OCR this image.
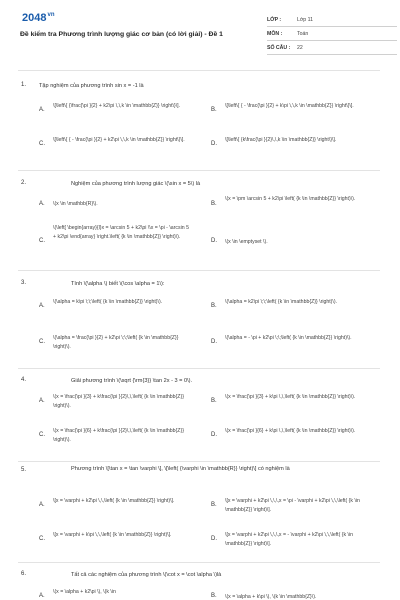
$2048^{vn}$
Đề kiểm tra Phương trình lượng giác cơ bản (có lời giải) - Đề 1
LỚP :	Lớp 11
MÔN :	Toán
SỐ CÂU : 22
1. Tập nghiệm của phương trình sin x = -1 là
A.
\[\left\{ {\frac{\pi }{2} + k2\pi \,\,k \in \mathbb{Z}} \right\}\].
B.
\[\left\{ { - \frac{\pi }{2} + k\pi \,\,k \in \mathbb{Z}} \right\}\].
C.
\[\left\{ { - \frac{\pi }{2} + k2\pi \,\,k \in \mathbb{Z}} \right\}\].
D.
\[\left\{ {k\frac{\pi }{2}\,\,k \in \mathbb{Z}} \right\}\].
2.	Nghiệm của phương trình lượng giác \(\sin x = 5\) là
A. \(x \in \mathbb{R}\).	B.
\(x = \pm \arcsin 5 + k2\pi \left( {k \in \mathbb{Z}} \right)\).
C.
\(\left[ \begin{array}{l}x = \arcsin 5 + k2\pi \\x = \pi - \arcsin 5 + k2\pi \end{array} \right.\left( {k \in \mathbb{Z}} \right)\).
D. \(x \in \emptyset \).
3.	Tính \(\alpha \) biết \(\cos \alpha = 1\):
A.
\(\alpha = k\pi \;\;\left( {k \in \mathbb{Z}} \right)\).
B.
\(\alpha = k2\pi \;\;\left( {k \in \mathbb{Z}} \right)\).
C.
\(\alpha = \frac{\pi }{2} + k2\pi \;\;\left( {k \in \mathbb{Z}} \right)\).
D.
\(\alpha = - \pi + k2\pi \;\;\left( {k \in \mathbb{Z}} \right)\).
4.	Giải phương trình \(\sqrt {\rm{3}} \tan 2x - 3 = 0\).
A.
\(x = \frac{\pi }{3} + k\frac{\pi }{2}\,\,\left( {k \in \mathbb{Z}} \right)\).
B.
\(x = \frac{\pi }{3} + k\pi \,\,\left( {k \in \mathbb{Z}} \right)\).
C.
\(x = \frac{\pi }{6} + k\frac{\pi }{2}\,\,\left( {k \in \mathbb{Z}} \right)\).
D.
\(x = \frac{\pi }{6} + k\pi \,\,\left( {k \in \mathbb{Z}} \right)\).
5.	Phương trình \[\tan x = \tan \varphi \], \[\left( {\varphi \in \mathbb{R}} \right)\] có nghiệm là
A.
\[x = \varphi + k2\pi \,\,\left( {k \in \mathbb{Z}} \right)\].
B.
\[x = \varphi + k2\pi \,\,\,x = \pi - \varphi + k2\pi \,\,\left( {k \in \mathbb{Z}} \right)\].
C.
\[x = \varphi + k\pi \,\,\left( {k \in \mathbb{Z}} \right)\].
D.
\[x = \varphi + k2\pi \,\,\,x = - \varphi + k2\pi \,\,\left( {k \in \mathbb{Z}} \right)\].
6.	Tất cả các nghiệm của phương trình \(\cot x = \cot \alpha \)là
A.
\(x = \alpha + k2\pi \), \(k \in
B. \(x = \alpha + k\pi \), \(k \in \mathbb{Z}\).
